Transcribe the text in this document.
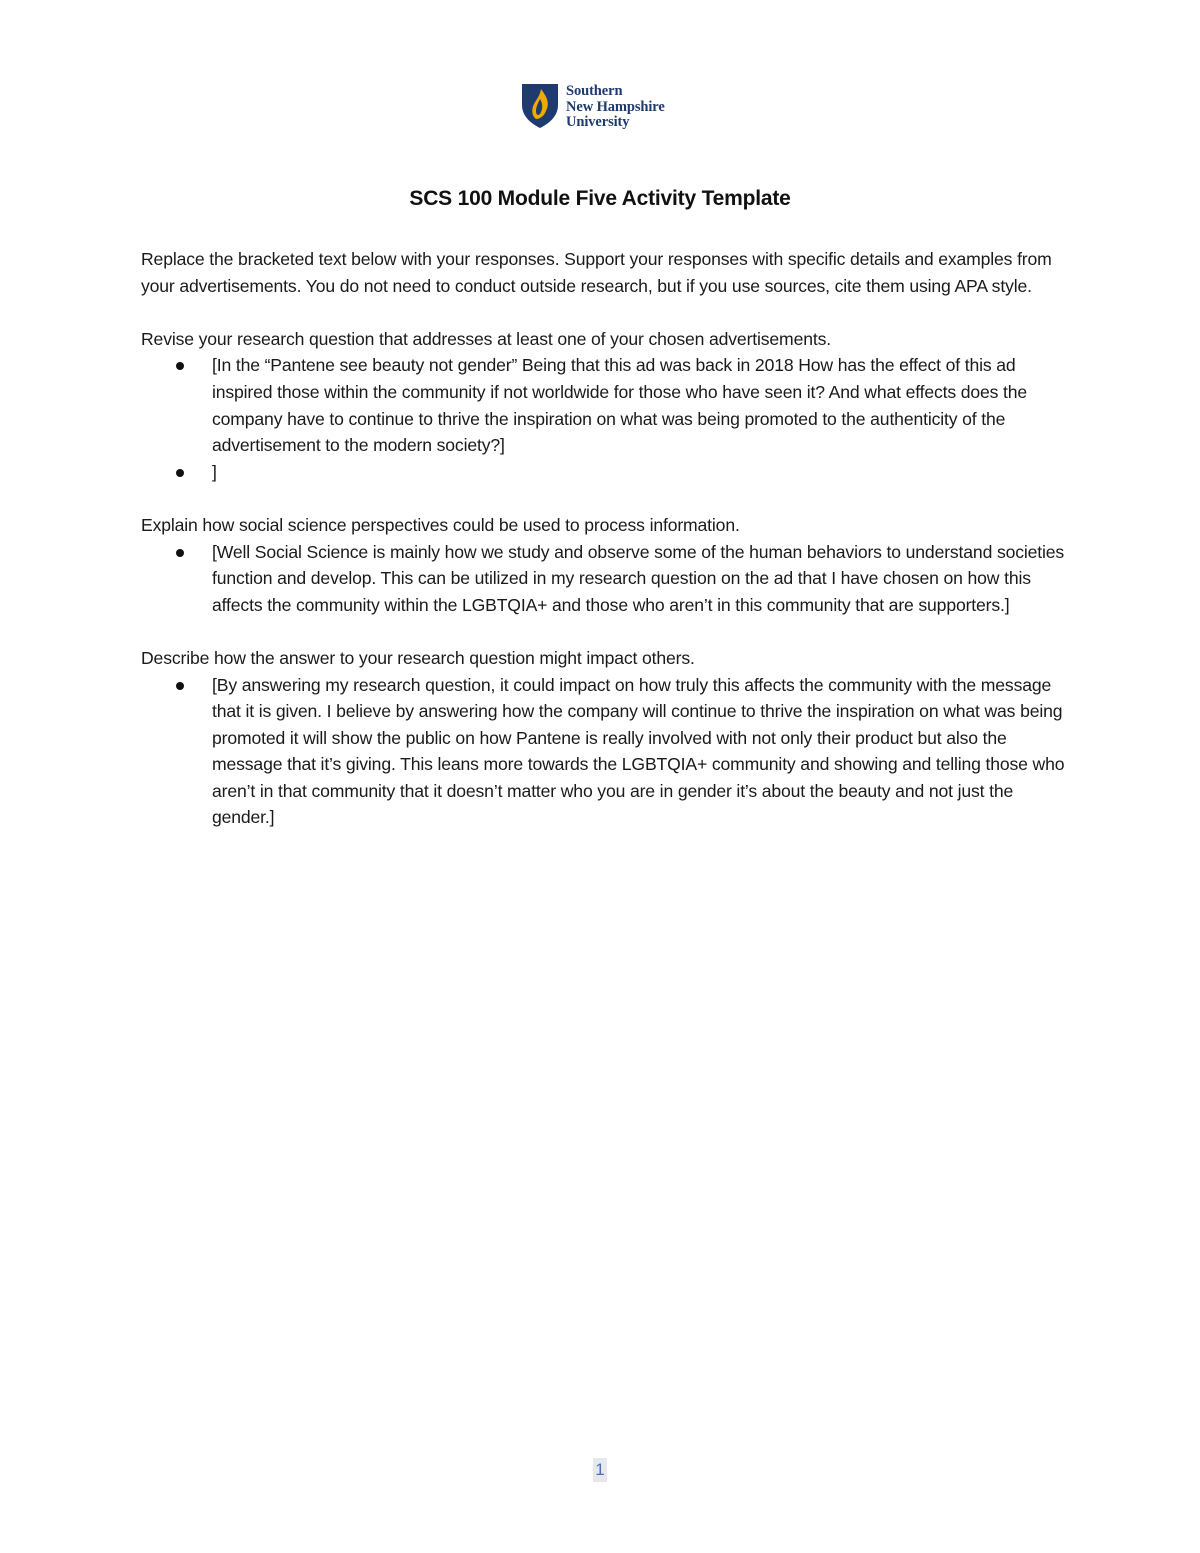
Southern
New Hampshire
University
SCS 100 Module Five Activity Template

Replace the bracketed text below with your responses. Support your responses with specific details and examples from your advertisements. You do not need to conduct outside research, but if you use sources, cite them using APA style.

Revise your research question that addresses at least one of your chosen advertisements.

[In the “Pantene see beauty not gender” Being that this ad was back in 2018 How has the effect of this ad inspired those within the community if not worldwide for those who have seen it? And what effects does the company have to continue to thrive the inspiration on what was being promoted to the authenticity of the advertisement to the modern society?]
]

Explain how social science perspectives could be used to process information.

[Well Social Science is mainly how we study and observe some of the human behaviors to understand societies function and develop. This can be utilized in my research question on the ad that I have chosen on how this affects the community within the LGBTQIA+ and those who aren’t in this community that are supporters.]

Describe how the answer to your research question might impact others.

[By answering my research question, it could impact on how truly this affects the community with the message that it is given. I believe by answering how the company will continue to thrive the inspiration on what was being promoted it will show the public on how Pantene is really involved with not only their product but also the message that it’s giving. This leans more towards the LGBTQIA+ community and showing and telling those who aren’t in that community that it doesn’t matter who you are in gender it’s about the beauty and not just the gender.]
1
